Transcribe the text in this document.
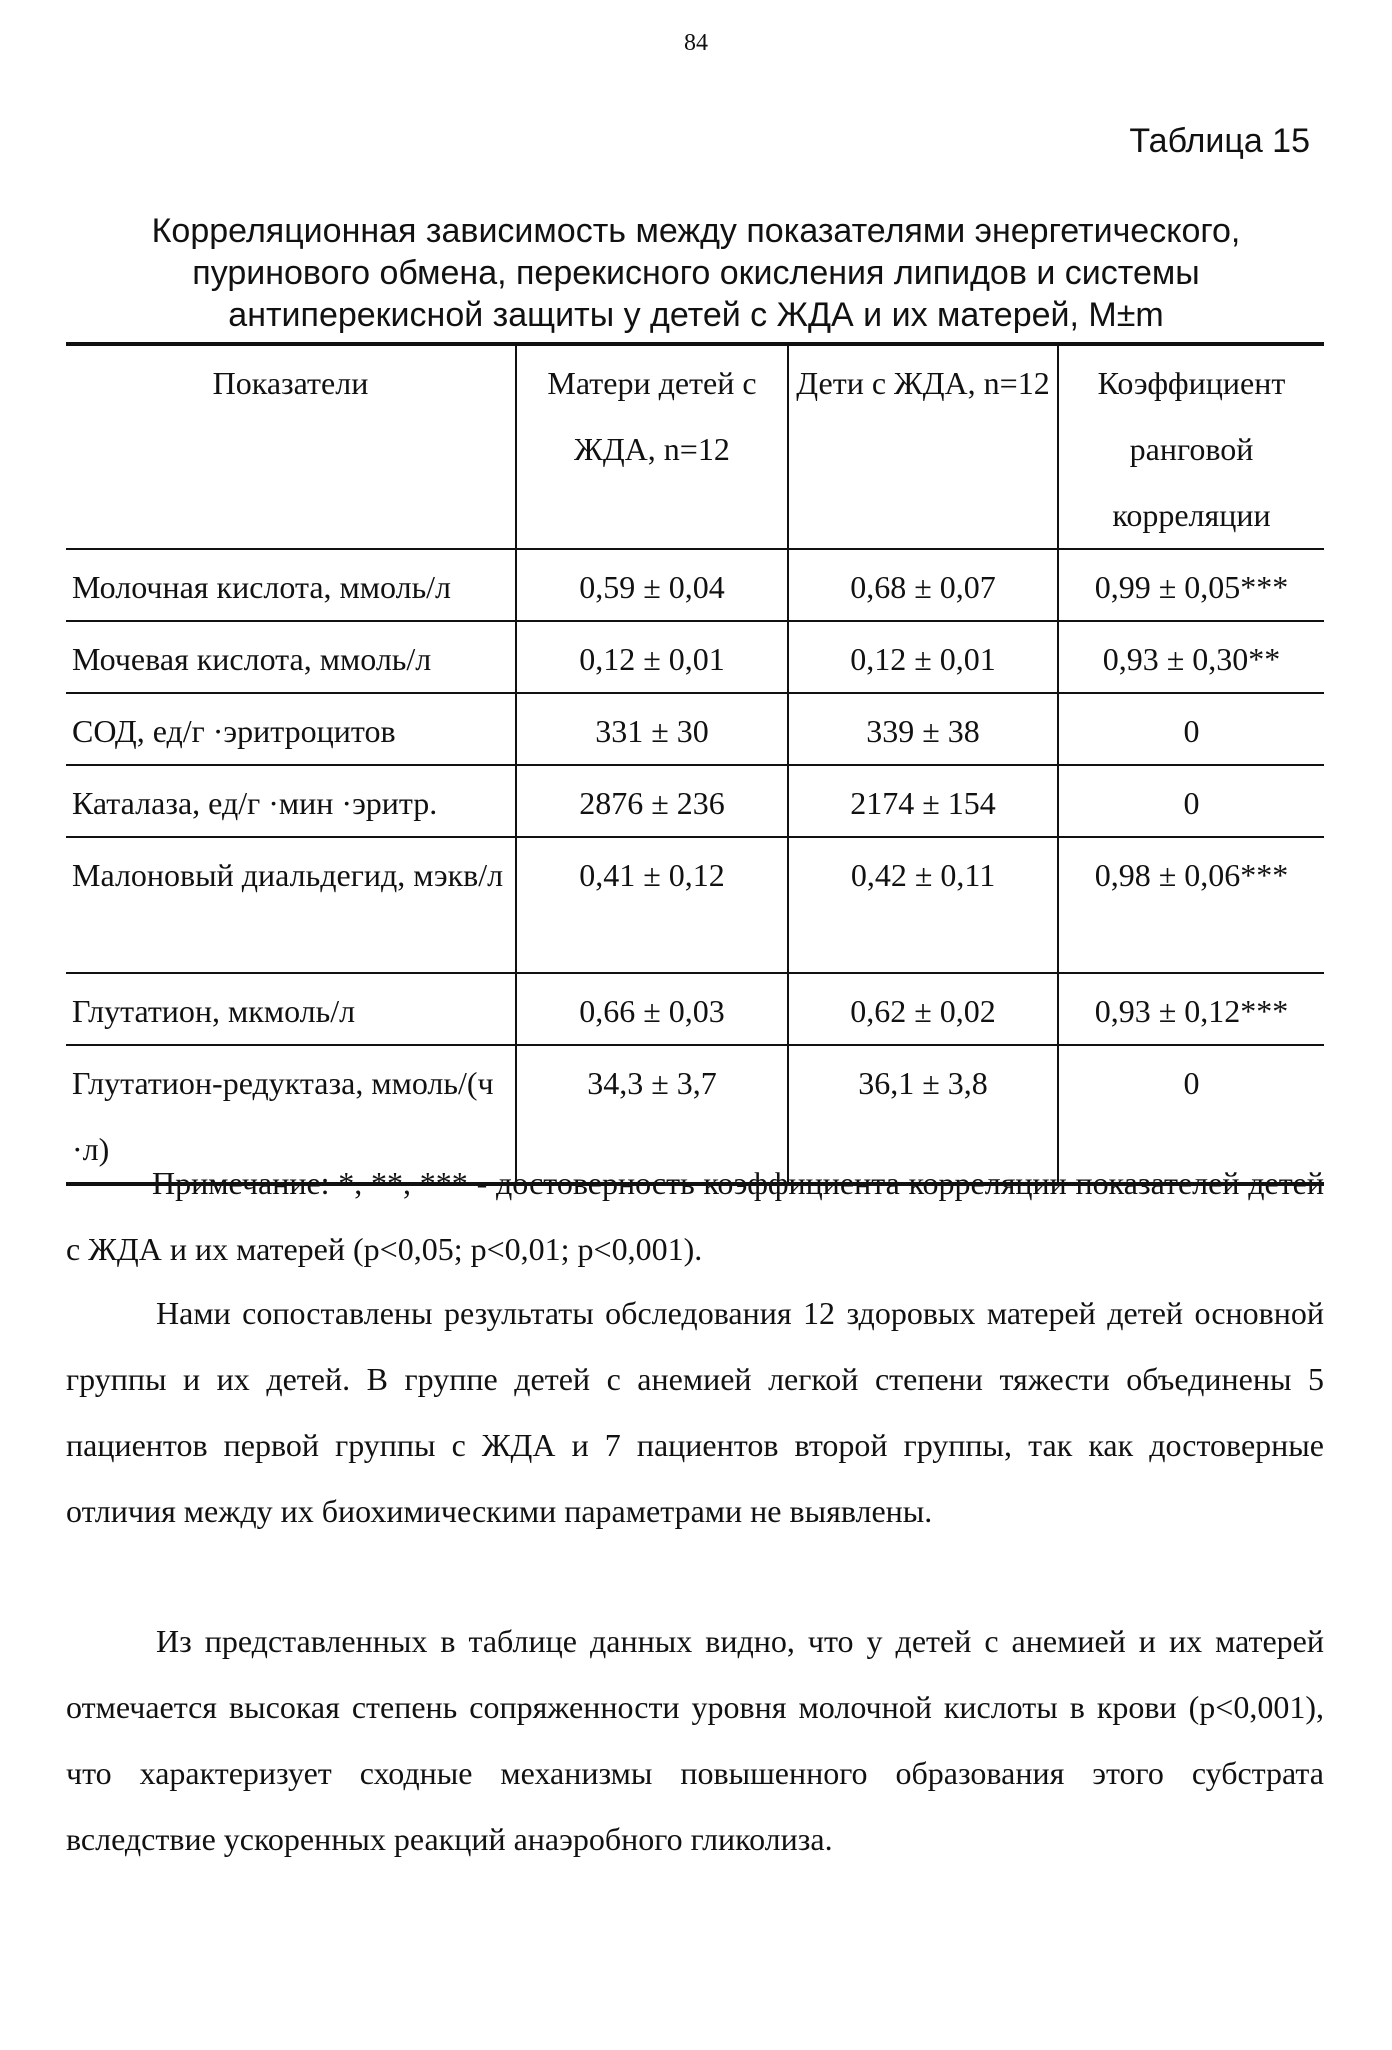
84
Таблица 15
Корреляционная зависимость между показателями энергетического, пуринового обмена, перекисного окисления липидов и системы антиперекисной защиты у детей с ЖДА и их матерей, M±m
Показатели	Матери детей с ЖДА, n=12	Дети с ЖДА, n=12	Коэффициент ранговой корреляции
Молочная кислота, ммоль/л	0,59 ± 0,04	0,68 ± 0,07	0,99 ± 0,05***
Мочевая кислота, ммоль/л	0,12 ± 0,01	0,12 ± 0,01	0,93 ± 0,30**
СОД, ед/г ·эритроцитов	331 ± 30	339 ± 38	0
Каталаза, ед/г ·мин ·эритр.	2876 ± 236	2174 ± 154	0
Малоновый диальдегид, мэкв/л	0,41 ± 0,12	0,42 ± 0,11	0,98 ± 0,06***
Глутатион, мкмоль/л	0,66 ± 0,03	0,62 ± 0,02	0,93 ± 0,12***
Глутатион-редуктаза, ммоль/(ч ·л)	34,3 ± 3,7	36,1 ± 3,8	0
Примечание: *, **, *** - достоверность коэффициента корреляции показателей детей с ЖДА и их матерей (p<0,05; p<0,01; p<0,001).

Нами сопоставлены результаты обследования 12 здоровых матерей детей основной группы и их детей. В группе детей с анемией легкой степени тяжести объединены 5 пациентов первой группы с ЖДА и 7 пациентов второй группы, так как достоверные отличия между их биохимическими параметрами не выявлены.

Из представленных в таблице данных видно, что у детей с анемией и их матерей отмечается высокая степень сопряженности уровня молочной кислоты в крови (p<0,001), что характеризует сходные механизмы повышенного образования этого субстрата вследствие ускоренных реакций анаэробного гликолиза.
